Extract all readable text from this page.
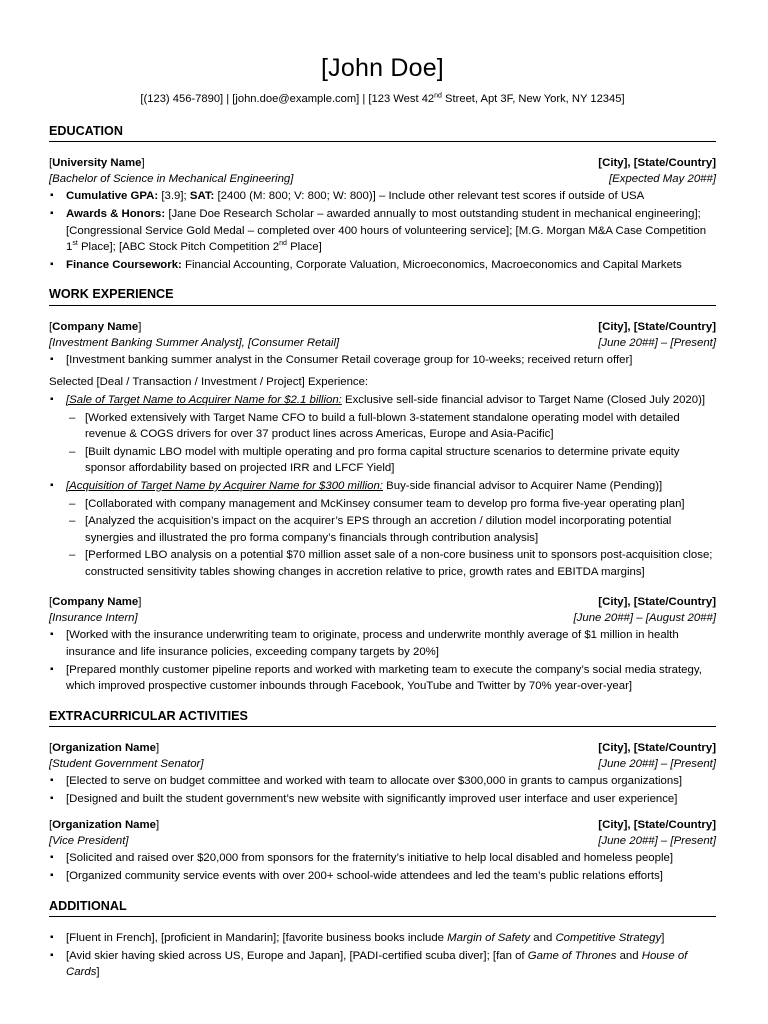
[John Doe]
[(123) 456-7890] | [john.doe@example.com] | [123 West 42nd Street, Apt 3F, New York, NY 12345]
EDUCATION
[University Name]	[City], [State/Country]
[Bachelor of Science in Mechanical Engineering]	[Expected May 20##]
▪ Cumulative GPA: [3.9]; SAT: [2400 (M: 800; V: 800; W: 800)] – Include other relevant test scores if outside of USA
▪ Awards & Honors: [Jane Doe Research Scholar – awarded annually to most outstanding student in mechanical engineering]; [Congressional Service Gold Medal – completed over 400 hours of volunteering service]; [M.G. Morgan M&A Case Competition 1st Place]; [ABC Stock Pitch Competition 2nd Place]
▪ Finance Coursework: Financial Accounting, Corporate Valuation, Microeconomics, Macroeconomics and Capital Markets
WORK EXPERIENCE
[Company Name]	[City], [State/Country]
[Investment Banking Summer Analyst], [Consumer Retail]	[June 20##] – [Present]
▪ [Investment banking summer analyst in the Consumer Retail coverage group for 10-weeks; received return offer]
Selected [Deal / Transaction / Investment / Project] Experience:
▪ [Sale of Target Name to Acquirer Name for $2.1 billion: Exclusive sell-side financial advisor to Target Name (Closed July 2020)]
– [Worked extensively with Target Name CFO to build a full-blown 3-statement standalone operating model with detailed revenue & COGS drivers for over 37 product lines across Americas, Europe and Asia-Pacific]
– [Built dynamic LBO model with multiple operating and pro forma capital structure scenarios to determine private equity sponsor affordability based on projected IRR and LFCF Yield]
▪ [Acquisition of Target Name by Acquirer Name for $300 million: Buy-side financial advisor to Acquirer Name (Pending)]
– [Collaborated with company management and McKinsey consumer team to develop pro forma five-year operating plan]
– [Analyzed the acquisition’s impact on the acquirer’s EPS through an accretion / dilution model incorporating potential synergies and illustrated the pro forma company’s financials through contribution analysis]
– [Performed LBO analysis on a potential $70 million asset sale of a non-core business unit to sponsors post-acquisition close; constructed sensitivity tables showing changes in accretion relative to price, growth rates and EBITDA margins]
[Company Name]	[City], [State/Country]
[Insurance Intern]	[June 20##] – [August 20##]
▪ [Worked with the insurance underwriting team to originate, process and underwrite monthly average of $1 million in health insurance and life insurance policies, exceeding company targets by 20%]
▪ [Prepared monthly customer pipeline reports and worked with marketing team to execute the company’s social media strategy, which improved prospective customer inbounds through Facebook, YouTube and Twitter by 70% year-over-year]
EXTRACURRICULAR ACTIVITIES
[Organization Name]	[City], [State/Country]
[Student Government Senator]	[June 20##] – [Present]
▪ [Elected to serve on budget committee and worked with team to allocate over $300,000 in grants to campus organizations]
▪ [Designed and built the student government’s new website with significantly improved user interface and user experience]
[Organization Name]	[City], [State/Country]
[Vice President]	[June 20##] – [Present]
▪ [Solicited and raised over $20,000 from sponsors for the fraternity’s initiative to help local disabled and homeless people]
▪ [Organized community service events with over 200+ school-wide attendees and led the team’s public relations efforts]
ADDITIONAL
▪ [Fluent in French], [proficient in Mandarin]; [favorite business books include Margin of Safety and Competitive Strategy]
▪ [Avid skier having skied across US, Europe and Japan], [PADI-certified scuba diver]; [fan of Game of Thrones and House of Cards]
